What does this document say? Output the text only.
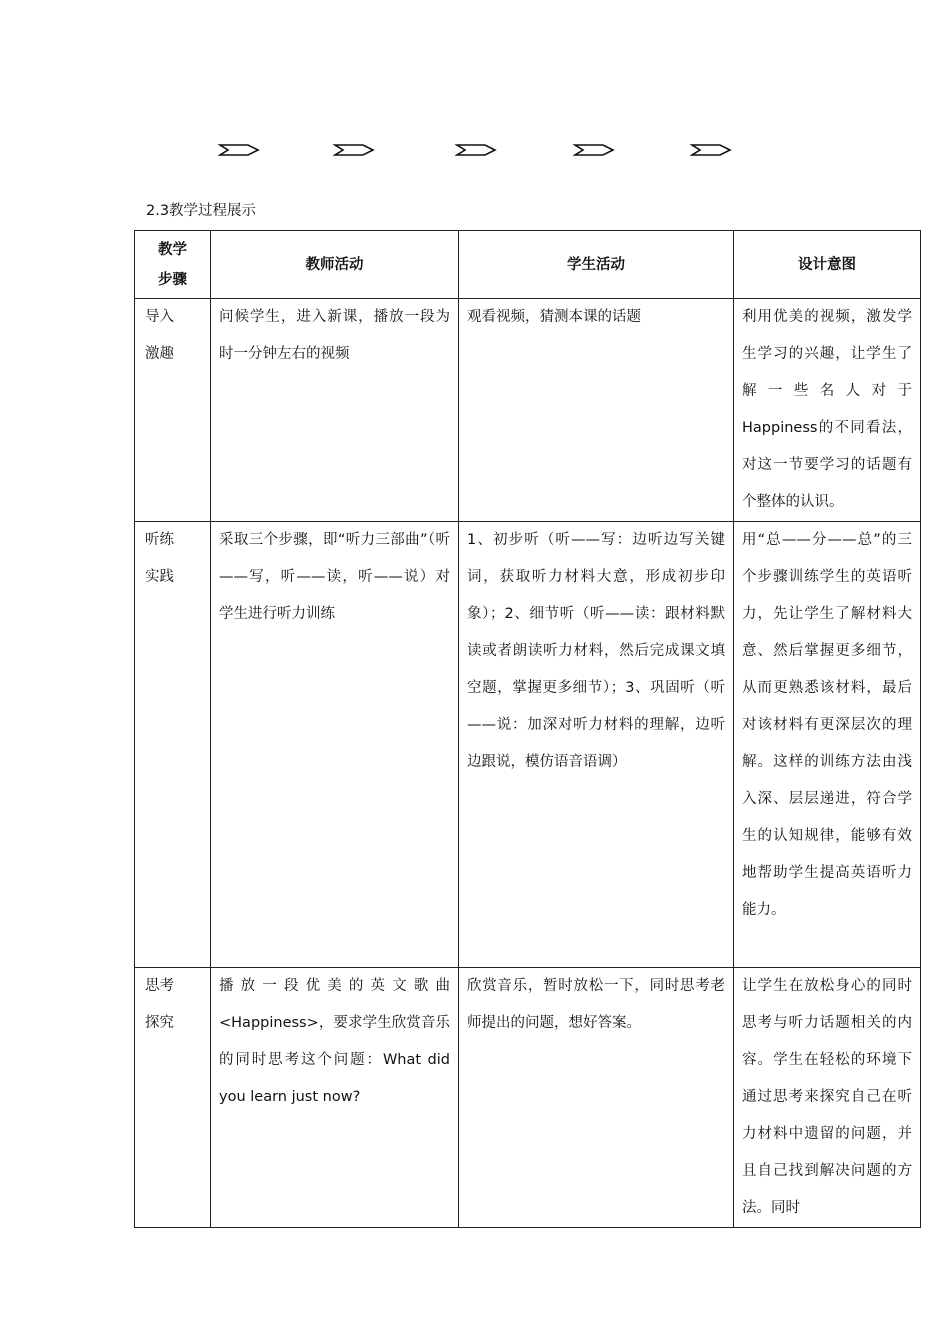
2.3教学过程展示
教学
步骤	教师活动	学生活动	设计意图

导入
激趣	问候学生，进入新课，播放一段为时一分钟左右的视频	观看视频，猜测本课的话题	利用优美的视频，激发学生学习的兴趣，让学生了解一些名人对于Happiness的不同看法，对这一节要学习的话题有个整体的认识。

听练
实践	采取三个步骤，即“听力三部曲”（听——写，听——读，听——说）对学生进行听力训练	1、初步听（听——写：边听边写关键词，获取听力材料大意，形成初步印象）；2、细节听（听——读：跟材料默读或者朗读听力材料，然后完成课文填空题，掌握更多细节）；3、巩固听（听——说：加深对听力材料的理解，边听边跟说，模仿语音语调）	用“总——分——总”的三个步骤训练学生的英语听力，先让学生了解材料大意、然后掌握更多细节，从而更熟悉该材料，最后对该材料有更深层次的理解。这样的训练方法由浅入深、层层递进，符合学生的认知规律，能够有效地帮助学生提高英语听力能力。

思考
探究	播放一段优美的英文歌曲<Happiness>，要求学生欣赏音乐的同时思考这个问题：What did you learn just now?	欣赏音乐，暂时放松一下，同时思考老师提出的问题，想好答案。	让学生在放松身心的同时思考与听力话题相关的内容。学生在轻松的环境下通过思考来探究自己在听力材料中遗留的问题，并且自己找到解决问题的方法。同时
